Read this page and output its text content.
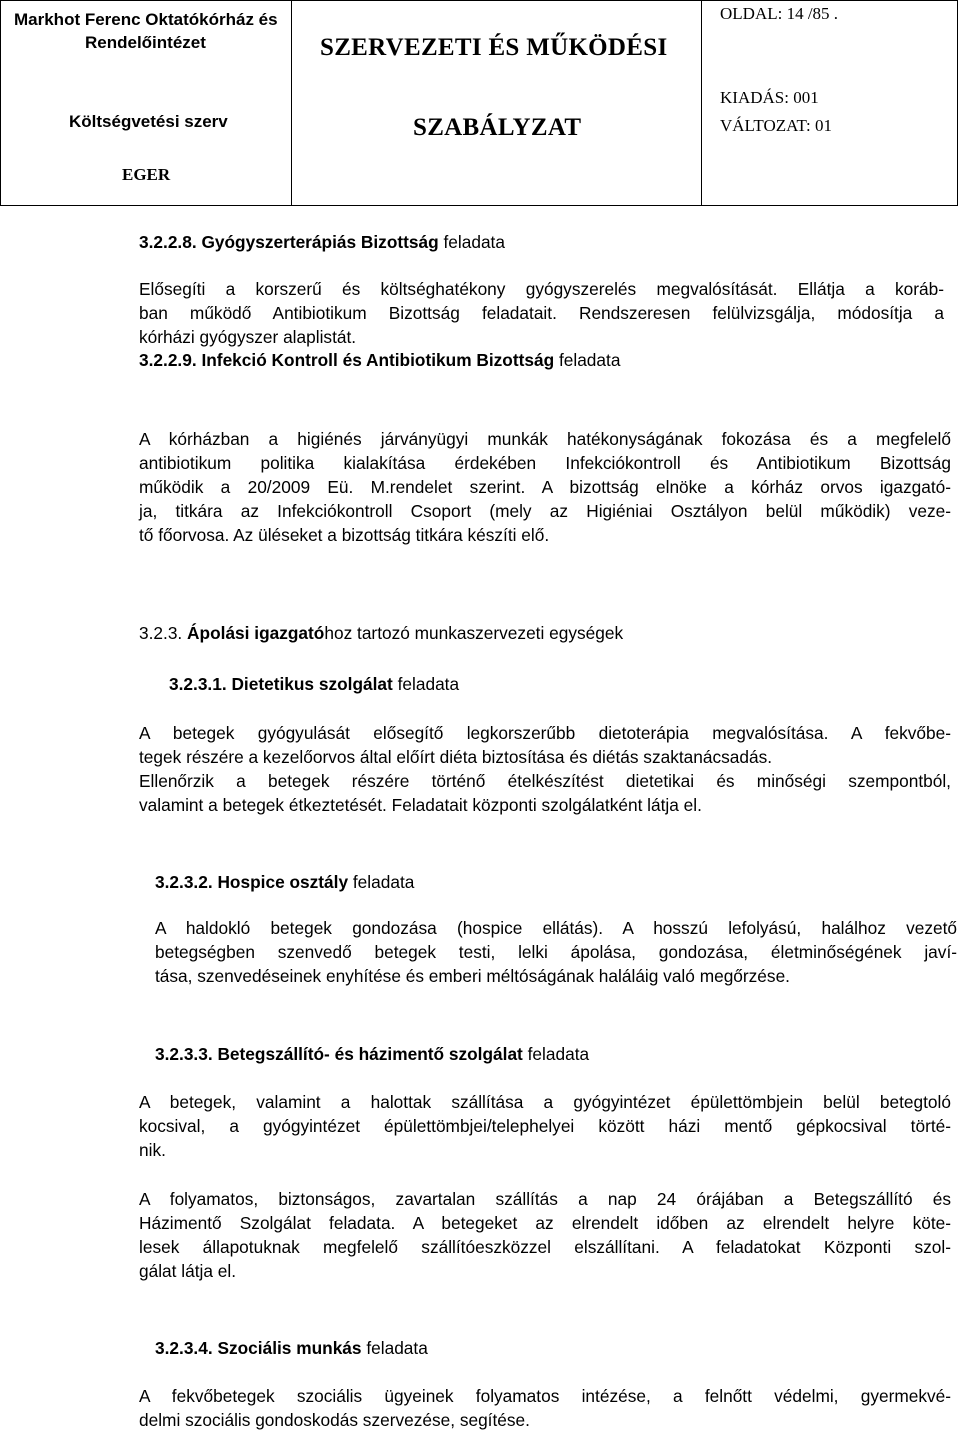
Markhot Ferenc Oktatókórház és
Rendelőintézet
Költségvetési szerv
EGER
SZERVEZETI ÉS MŰKÖDÉSI
SZABÁLYZAT
OLDAL: 14 /85 .
KIADÁS: 001
VÁLTOZAT: 01
3.2.2.8. Gyógyszerterápiás Bizottság feladata
Elősegíti a korszerű és költséghatékony gyógyszerelés megvalósítását. Ellátja a koráb-
ban működő Antibiotikum Bizottság feladatait. Rendszeresen felülvizsgálja, módosítja a
kórházi gyógyszer alaplistát.
3.2.2.9. Infekció Kontroll és Antibiotikum Bizottság feladata
A kórházban a higiénés járványügyi munkák hatékonyságának fokozása és a megfelelő
antibiotikum politika kialakítása érdekében Infekciókontroll és Antibiotikum Bizottság
működik a 20/2009 Eü. M.rendelet szerint. A bizottság elnöke a kórház orvos igazgató-
ja, titkára az Infekciókontroll Csoport (mely az Higiéniai Osztályon belül működik) veze-
tő főorvosa. Az üléseket a bizottság titkára készíti elő.
3.2.3. Ápolási igazgatóhoz tartozó munkaszervezeti egységek
3.2.3.1. Dietetikus szolgálat feladata
A betegek gyógyulását elősegítő legkorszerűbb dietoterápia megvalósítása. A fekvőbe-
tegek részére a kezelőorvos által előírt diéta biztosítása és diétás szaktanácsadás.
Ellenőrzik a betegek részére történő ételkészítést dietetikai és minőségi szempontból,
valamint a betegek étkeztetését. Feladatait központi szolgálatként látja el.
3.2.3.2. Hospice osztály feladata
A haldokló betegek gondozása (hospice ellátás). A hosszú lefolyású, halálhoz vezető
betegségben szenvedő betegek testi, lelki ápolása, gondozása, életminőségének javí-
tása, szenvedéseinek enyhítése és emberi méltóságának haláláig való megőrzése.
3.2.3.3. Betegszállító- és házimentő szolgálat feladata
A betegek, valamint a halottak szállítása a gyógyintézet épülettömbjein belül betegtoló
kocsival, a gyógyintézet épülettömbjei/telephelyei között házi mentő gépkocsival törté-
nik.
A folyamatos, biztonságos, zavartalan szállítás a nap 24 órájában a Betegszállító és
Házimentő Szolgálat feladata. A betegeket az elrendelt időben az elrendelt helyre köte-
lesek állapotuknak megfelelő szállítóeszközzel elszállítani. A feladatokat Központi szol-
gálat látja el.
3.2.3.4. Szociális munkás feladata
A fekvőbetegek szociális ügyeinek folyamatos intézése, a felnőtt védelmi, gyermekvé-
delmi szociális gondoskodás szervezése, segítése.
